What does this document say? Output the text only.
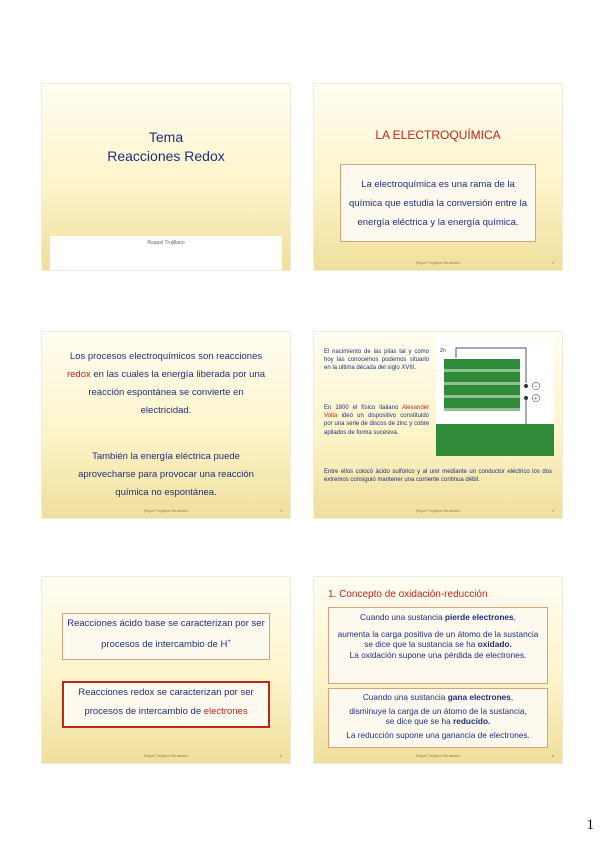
Tema
Reacciones Redox
Raquel Trujillano
LA ELECTROQUÍMICA
La electroquímica es una rama de la química que estudia la conversión entre la energía eléctrica y la energía química.
Raquel Trujillano Hernández	2
Los procesos electroquímicos son reacciones redox en las cuales la energía liberada por una reacción espontánea se convierte en electricidad.
También la energía eléctrica puede aprovecharse para provocar una reacción química no espontánea.
Raquel Trujillano Hernández	3
El nacimiento de las pilas tal y como hoy las conocemos podemos situarlo en la ultima década del siglo XVIII.
En 1800 el físico italiano Alexander Volta ideó un dispositivo constituido por una serie de discos de zinc y cobre apilados de forma sucesiva.
Zn
−
+
Entre ellos colocó ácido sulfúrico y al unir mediante un conductor eléctrico los dos extremos consiguió mantener una corriente continua débil.
Raquel Trujillano Hernández	4
Reacciones ácido base se caracterizan por ser procesos de intercambio de H+
Reacciones redox se caracterizan por ser procesos de intercambio de electrones
Raquel Trujillano Hernández	5
1. Concepto de oxidación-reducción
Cuando una sustancia pierde electrones,
aumenta la carga positiva de un átomo de la sustancia
se dice que la sustancia se ha oxidado.
La oxidación supone una pérdida de electrones.
Cuando una sustancia gana electrones,
disminuye la carga de un átomo de la sustancia,
se dice que se ha reducido.
La reducción supone una ganancia de electrones.
Raquel Trujillano Hernández	6
1
